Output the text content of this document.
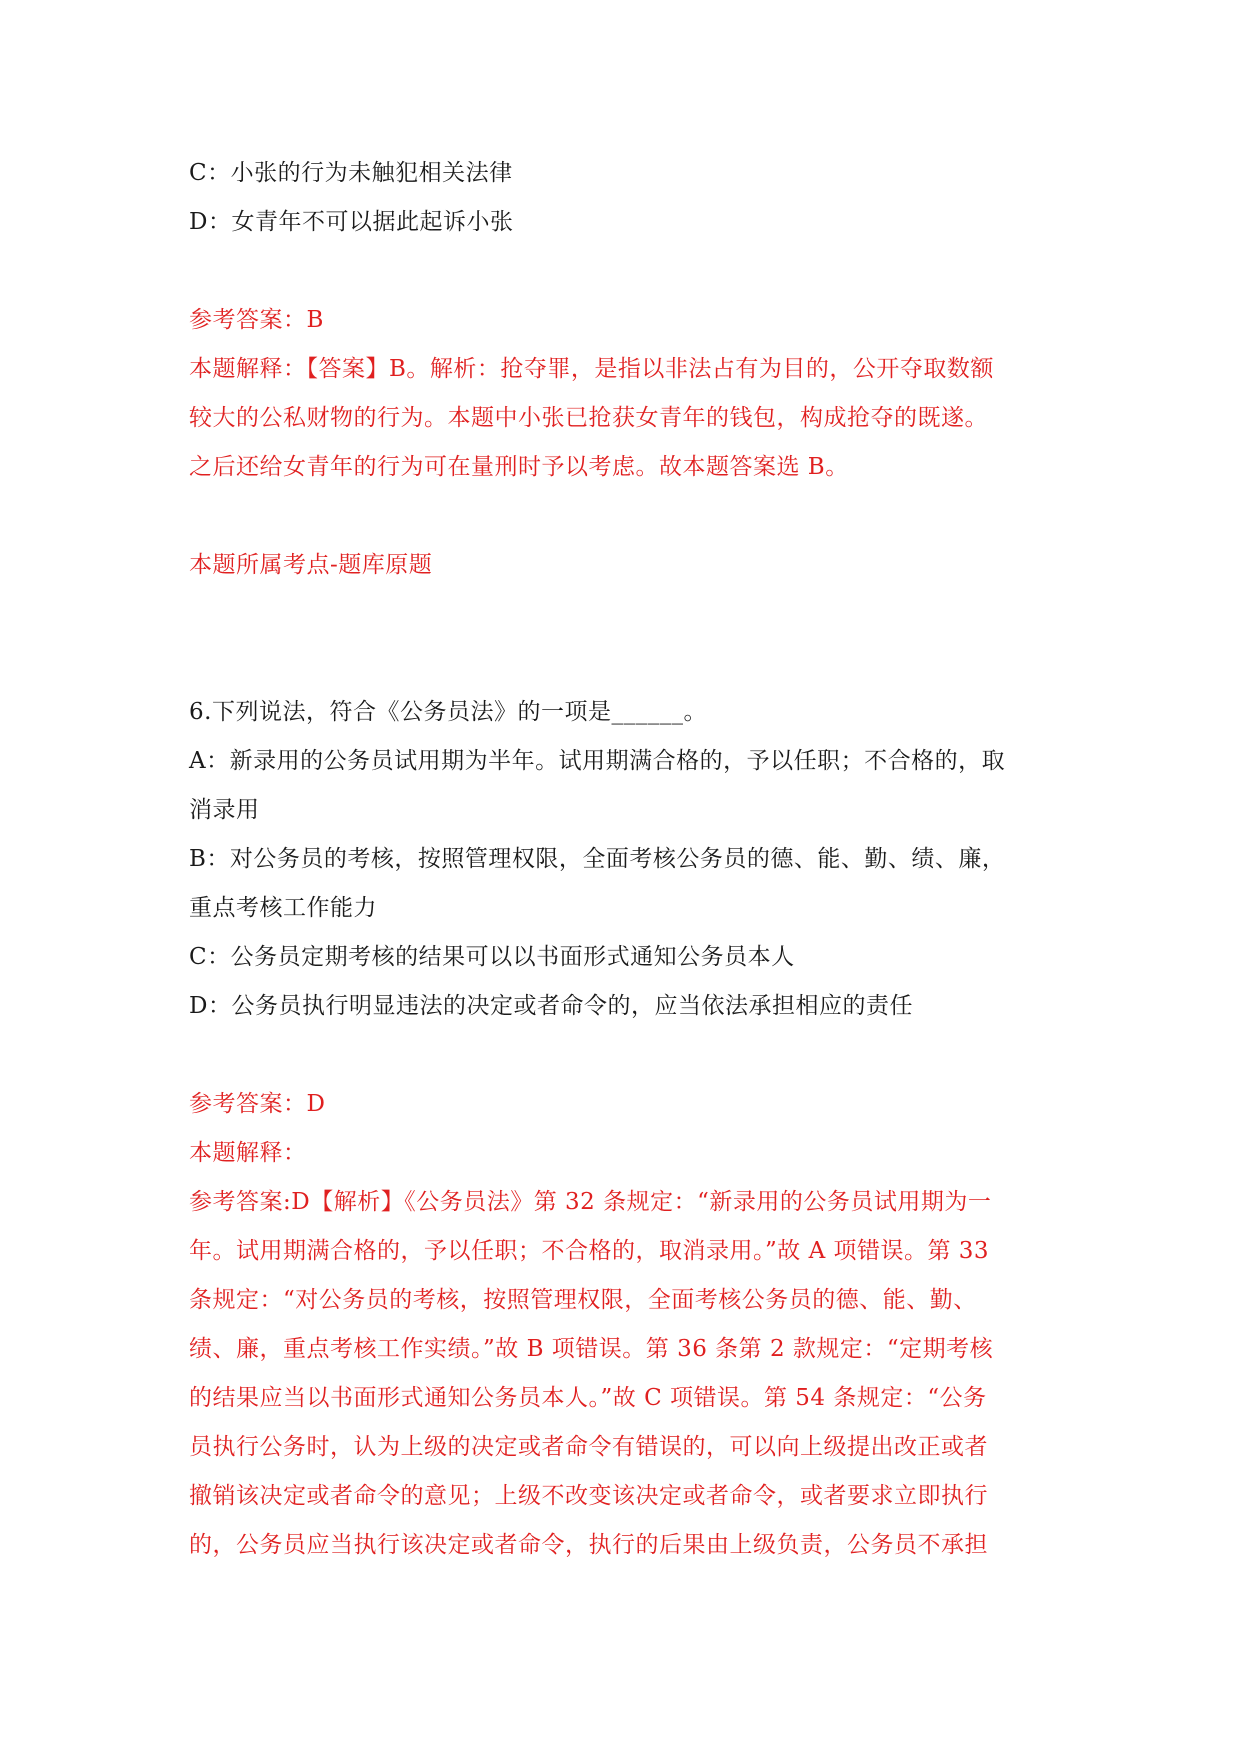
C：小张的行为未触犯相关法律
D：女青年不可以据此起诉小张
参考答案：B
本题解释：【答案】B。解析：抢夺罪，是指以非法占有为目的，公开夺取数额
较大的公私财物的行为。本题中小张已抢获女青年的钱包，构成抢夺的既遂。
之后还给女青年的行为可在量刑时予以考虑。故本题答案选 B。
本题所属考点-题库原题
6.下列说法，符合《公务员法》的一项是______。
A：新录用的公务员试用期为半年。试用期满合格的，予以任职；不合格的，取
消录用
B：对公务员的考核，按照管理权限，全面考核公务员的德、能、勤、绩、廉，
重点考核工作能力
C：公务员定期考核的结果可以以书面形式通知公务员本人
D：公务员执行明显违法的决定或者命令的，应当依法承担相应的责任
参考答案：D
本题解释：
参考答案:D【解析】《公务员法》第 32 条规定：“新录用的公务员试用期为一
年。试用期满合格的，予以任职；不合格的，取消录用。”故 A 项错误。第 33
条规定：“对公务员的考核，按照管理权限，全面考核公务员的德、能、勤、
绩、廉，重点考核工作实绩。”故 B 项错误。第 36 条第 2 款规定：“定期考核
的结果应当以书面形式通知公务员本人。”故 C 项错误。第 54 条规定：“公务
员执行公务时，认为上级的决定或者命令有错误的，可以向上级提出改正或者
撤销该决定或者命令的意见；上级不改变该决定或者命令，或者要求立即执行
的，公务员应当执行该决定或者命令，执行的后果由上级负责，公务员不承担
